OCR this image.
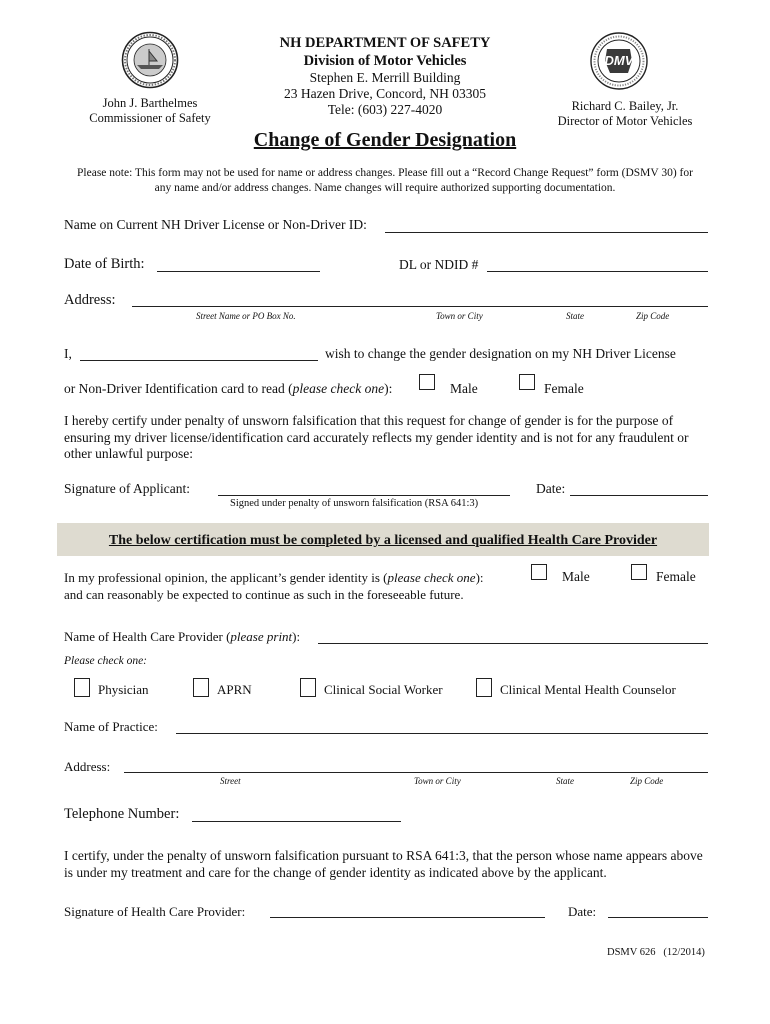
DMV
NH DEPARTMENT OF SAFETY
Division of Motor Vehicles
Stephen E. Merrill Building
23 Hazen Drive, Concord, NH 03305
Tele: (603) 227-4020
John J. Barthelmes
Commissioner of Safety
Richard C. Bailey, Jr.
Director of Motor Vehicles
Change of Gender Designation
Please note: This form may not be used for name or address changes. Please fill out a “Record Change Request” form (DSMV 30) for any name and/or address changes. Name changes will require authorized supporting documentation.
Name on Current NH Driver License or Non-Driver ID:
Date of Birth:	DL or NDID #
Address:
Street Name or PO Box No.	Town or City	State	Zip Code
I,	wish to change the gender designation on my NH Driver License
or Non-Driver Identification card to read (please check one):	Male	Female
I hereby certify under penalty of unsworn falsification that this request for change of gender is for the purpose of ensuring my driver license/identification card accurately reflects my gender identity and is not for any fraudulent or other unlawful purpose:
Signature of Applicant:
Signed under penalty of unsworn falsification (RSA 641:3)
Date:
The below certification must be completed by a licensed and qualified Health Care Provider
In my professional opinion, the applicant’s gender identity is (please check one):
and can reasonably be expected to continue as such in the foreseeable future.
Male	Female
Name of Health Care Provider (please print):
Please check one:
Physician	APRN	Clinical Social Worker	Clinical Mental Health Counselor
Name of Practice:
Address:
Street	Town or City	State	Zip Code
Telephone Number:
I certify, under the penalty of unsworn falsification pursuant to RSA 641:3, that the person whose name appears above is under my treatment and care for the change of gender identity as indicated above by the applicant.
Signature of Health Care Provider:	Date:
DSMV 626   (12/2014)
